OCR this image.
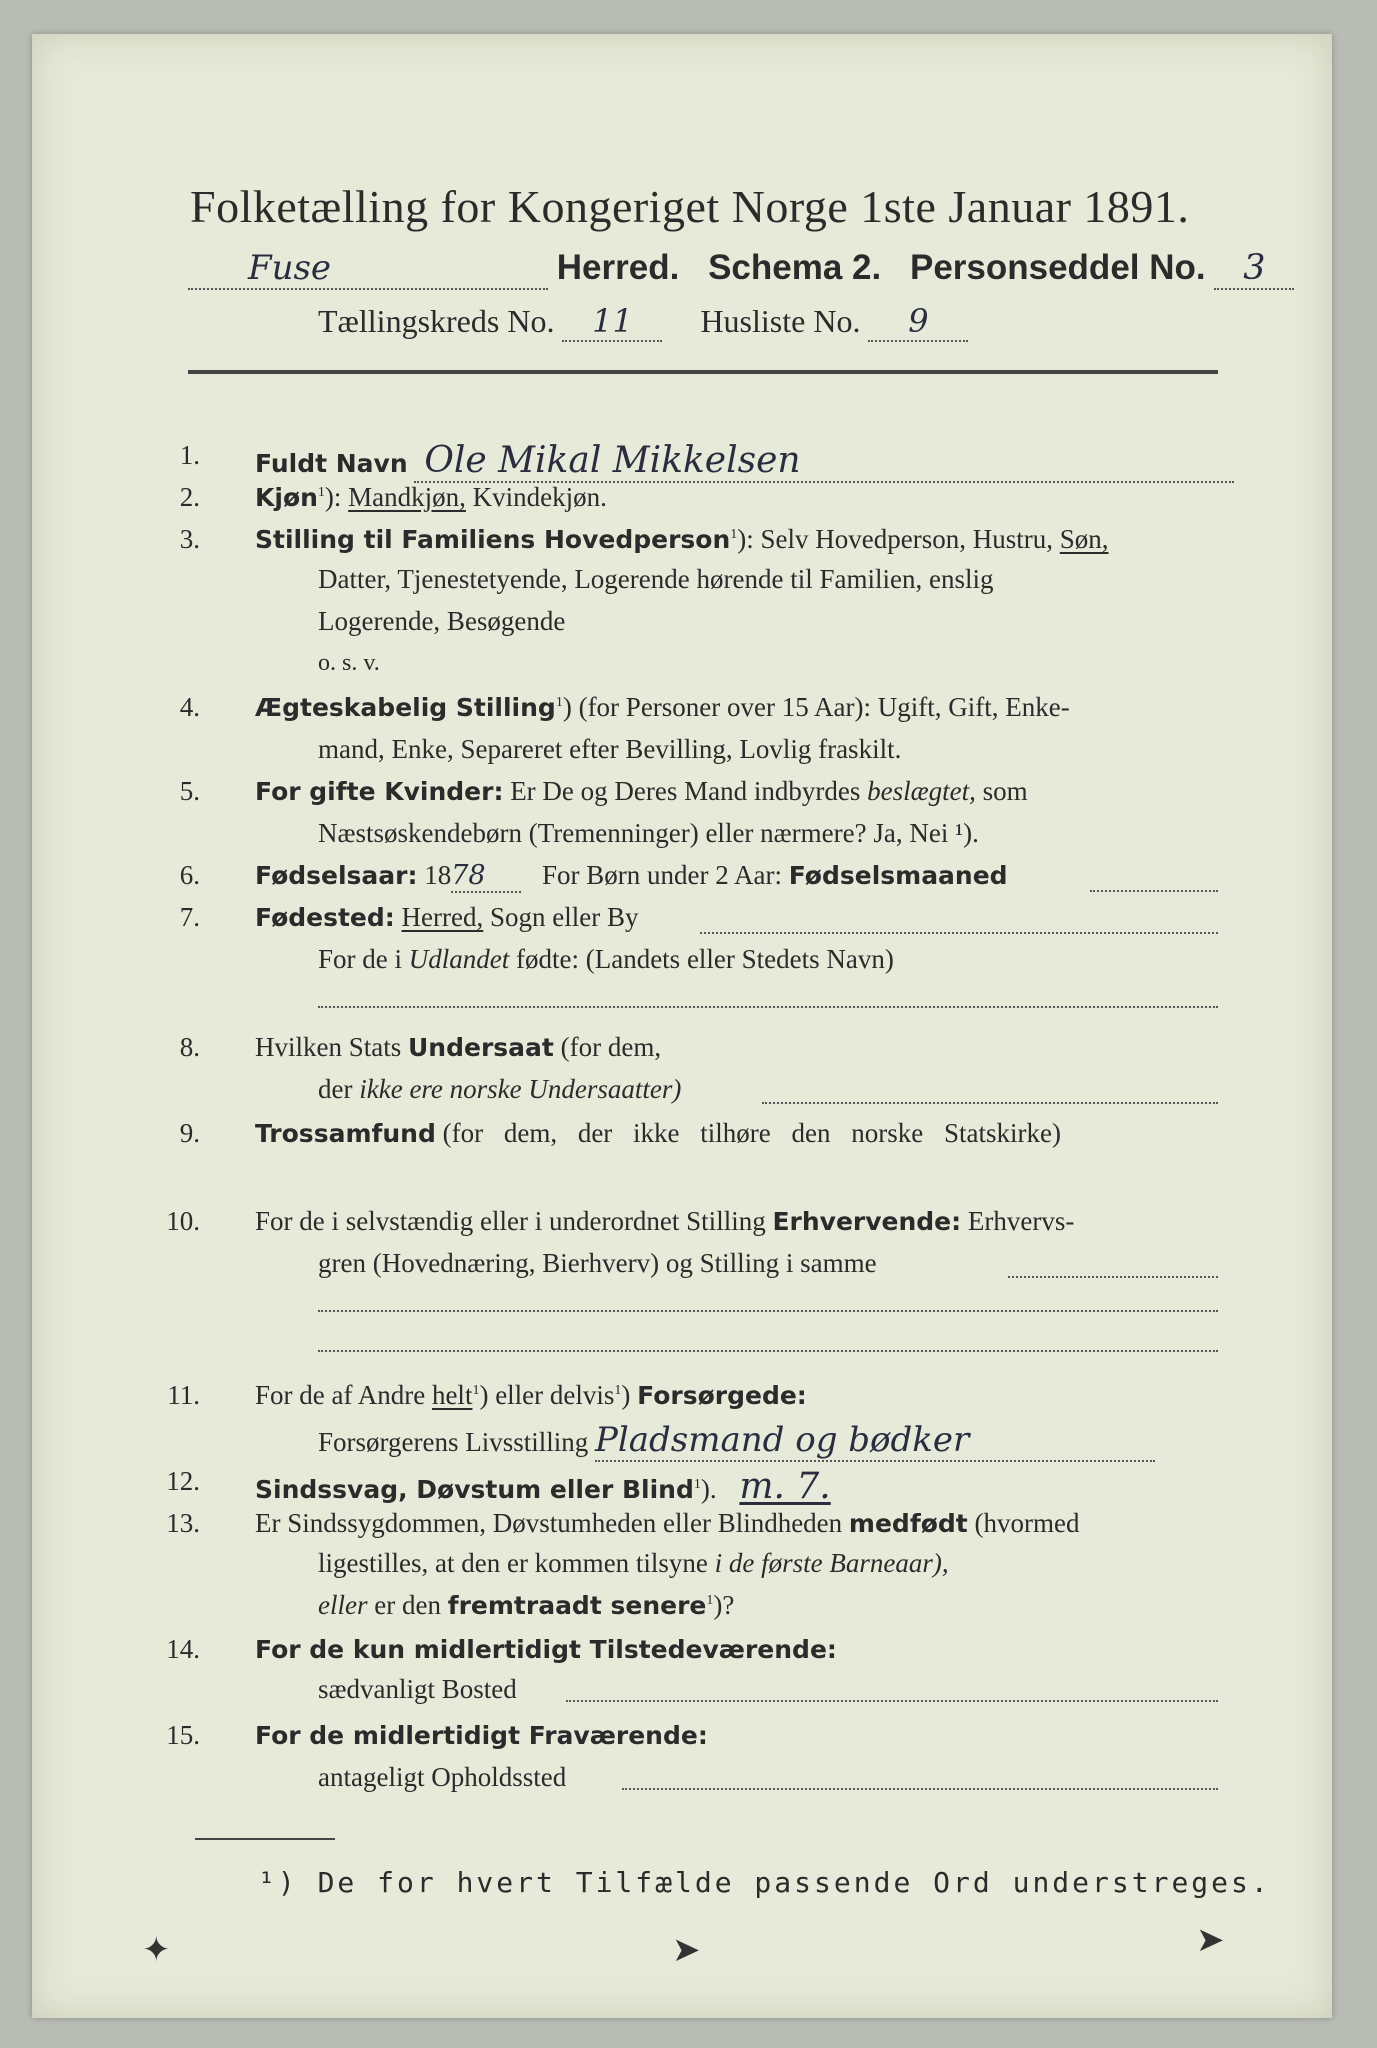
Folketælling for Kongeriget Norge 1ste Januar 1891.
Fuse	Herred. Schema 2. Personseddel No. 3
Tællingskreds No. 11 Husliste No. 9
1. Fuldt Navn Ole Mikal Mikkelsen
2. Kjøn$^1$): Mandkjøn, Kvindekjøn.
3. Stilling til Familiens Hovedperson$^1$): Selv Hovedperson, Hustru, Søn,
Datter, Tjenestetyende, Logerende hørende til Familien, enslig
Logerende, Besøgende
o. s. v.
4. Ægteskabelig Stilling$^1$) (for Personer over 15 Aar): Ugift, Gift, Enke-
mand, Enke, Separeret efter Bevilling, Lovlig fraskilt.
5. For gifte Kvinder: Er De og Deres Mand indbyrdes beslægtet, som
Næstsøskendebørn (Tremenninger) eller nærmere? Ja, Nei ¹).
6. Fødselsaar: 1878 For Børn under 2 Aar: Fødselsmaaned
7. Fødested: Herred, Sogn eller By
For de i Udlandet fødte: (Landets eller Stedets Navn)
8. Hvilken Stats Undersaat (for dem,
der ikke ere norske Undersaatter)
9. Trossamfund (for dem, der ikke tilhøre den norske Statskirke)
10. For de i selvstændig eller i underordnet Stilling Erhvervende: Erhvervs-
gren (Hovednæring, Bierhverv) og Stilling i samme
11. For de af Andre helt$^1$) eller delvis$^1$) Forsørgede:
Forsørgerens Livsstilling Pladsmand og bødker
12. Sindssvag, Døvstum eller Blind$^1$). m. 7.
13. Er Sindssygdommen, Døvstumheden eller Blindheden medfødt (hvormed
ligestilles, at den er kommen tilsyne i de første Barneaar),
eller er den fremtraadt senere$^1$)?
14. For de kun midlertidigt Tilstedeværende:
sædvanligt Bosted
15. For de midlertidigt Fraværende:
antageligt Opholdssted
¹) De for hvert Tilfælde passende Ord understreges.
✦	➤	➤
